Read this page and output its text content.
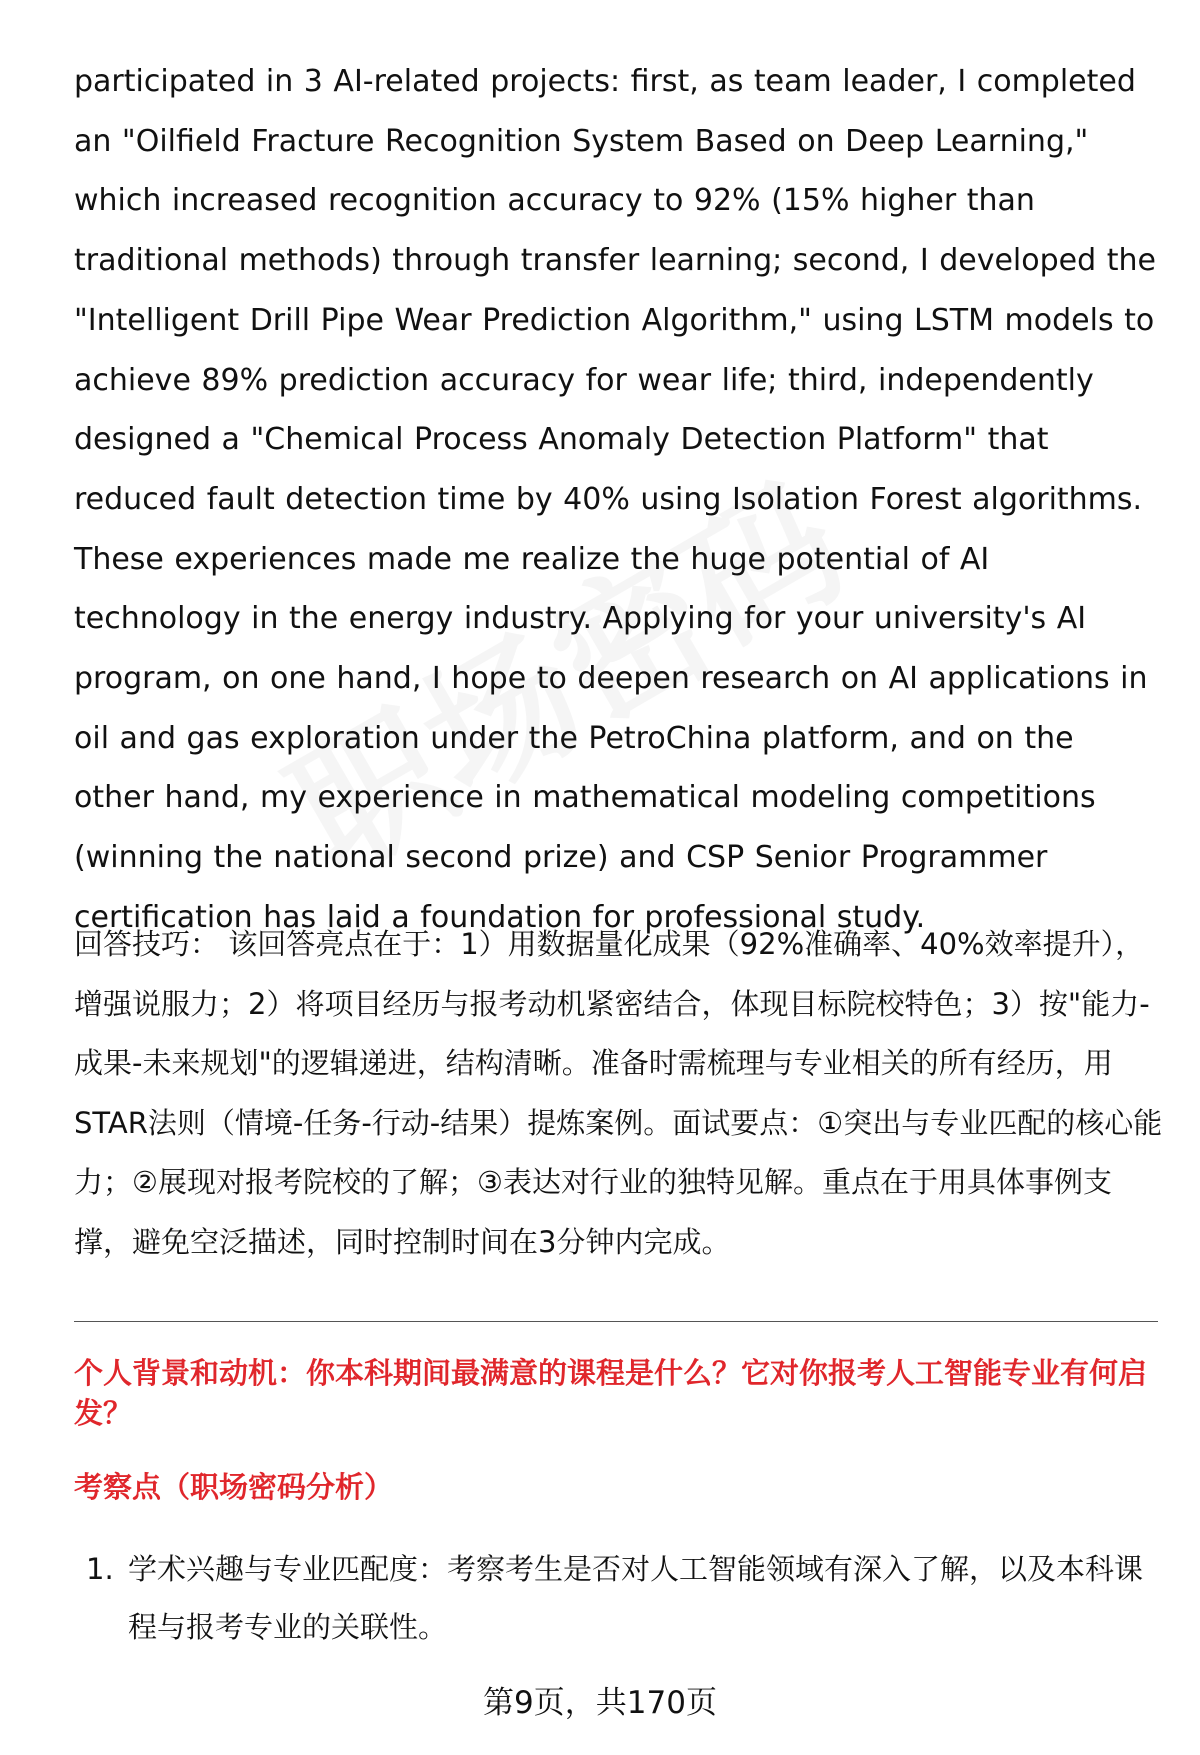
participated in 3 AI-related projects: first, as team leader, I completed an "Oilfield Fracture Recognition System Based on Deep Learning," which increased recognition accuracy to 92% (15% higher than traditional methods) through transfer learning; second, I developed the "Intelligent Drill Pipe Wear Prediction Algorithm," using LSTM models to achieve 89% prediction accuracy for wear life; third, independently designed a "Chemical Process Anomaly Detection Platform" that reduced fault detection time by 40% using Isolation Forest algorithms. These experiences made me realize the huge potential of AI technology in the energy industry. Applying for your university's AI program, on one hand, I hope to deepen research on AI applications in oil and gas exploration under the PetroChina platform, and on the other hand, my experience in mathematical modeling competitions (winning the national second prize) and CSP Senior Programmer certification has laid a foundation for professional study.

回答技巧： 该回答亮点在于：1）用数据量化成果（92%准确率、40%效率提升），增强说服力；2）将项目经历与报考动机紧密结合，体现目标院校特色；3）按"能力-成果-未来规划"的逻辑递进，结构清晰。准备时需梳理与专业相关的所有经历，用STAR法则（情境-任务-行动-结果）提炼案例。面试要点：①突出与专业匹配的核心能力；②展现对报考院校的了解；③表达对行业的独特见解。重点在于用具体事例支撑，避免空泛描述，同时控制时间在3分钟内完成。

个人背景和动机：你本科期间最满意的课程是什么？它对你报考人工智能专业有何启发？
考察点（职场密码分析）
1. 学术兴趣与专业匹配度：考察考生是否对人工智能领域有深入了解，以及本科课程与报考专业的关联性。
第9页，共170页
